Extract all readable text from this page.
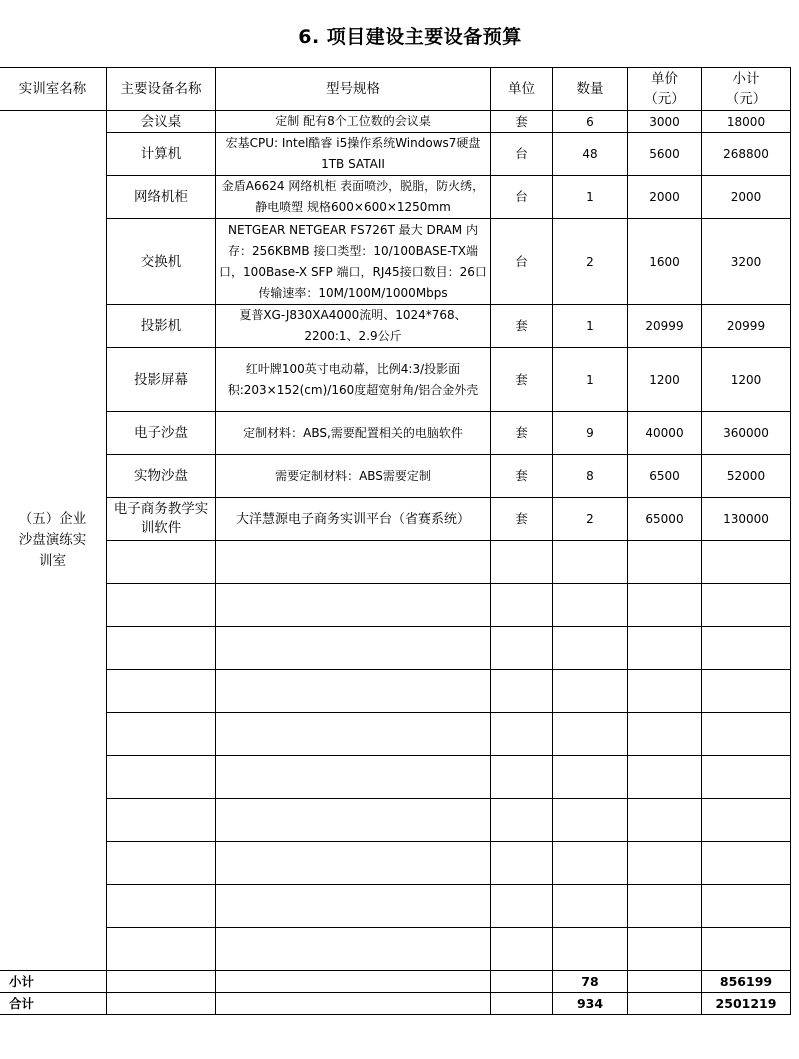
6. 项目建设主要设备预算
实训室名称	主要设备名称	型号规格	单位	数量	单价（元）	小计（元）
（五）企业沙盘演练实训室	会议桌	定制 配有8个工位数的会议桌	套	6	3000	18000
	计算机	宏基CPU: Intel酷睿 i5操作系统Windows7硬盘1TB SATAII	台	48	5600	268800
	网络机柜	金盾A6624 网络机柜 表面喷沙，脱脂，防火绣，静电喷塑 规格600×600×1250mm	台	1	2000	2000
	交换机	NETGEAR NETGEAR FS726T 最大 DRAM 内存：256KBMB 接口类型：10/100BASE-TX端口，100Base-X SFP 端口，RJ45接口数目：26口传输速率：10M/100M/1000Mbps	台	2	1600	3200
	投影机	夏普XG-J830XA4000流明、1024*768、2200:1、2.9公斤	套	1	20999	20999
	投影屏幕	红叶牌100英寸电动幕，比例4:3/投影面积:203×152(cm)/160度超宽射角/铝合金外壳	套	1	1200	1200
	电子沙盘	定制材料：ABS,需要配置相关的电脑软件	套	9	40000	360000
	实物沙盘	需要定制材料：ABS需要定制	套	8	6500	52000
	电子商务教学实训软件	大洋慧源电子商务实训平台（省赛系统）	套	2	65000	130000

小计				78		856199
合计				934		2501219
